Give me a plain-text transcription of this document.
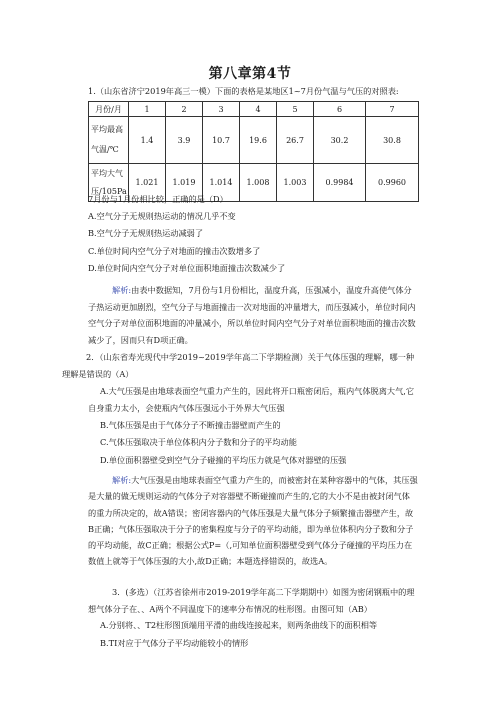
第八章第4节

1.（山东省济宁2019年高三一模）下面的表格是某地区1~7月份气温与气压的对照表:

月份/月	1	2	3	4	5	6	7

平均最高
气温/℃	1.4	3.9	10.7	19.6	26.7	30.2	30.8

平均大气
压/105Pa	1.021	1.019	1.014	1.008	1.003	0.9984	0.9960

7月份与1月份相比较，正确的是（D）

A.空气分子无规则热运动的情况几乎不变

B.空气分子无规则热运动减弱了

C.单位时间内空气分子对地面的撞击次数增多了

D.单位时间内空气分子对单位面积地面撞击次数减少了

解析:由表中数据知，7月份与1月份相比，温度升高，压强减小，温度升高使气体分子热运动更加剧烈，空气分子与地面撞击一次对地面的冲量增大，而压强减小，单位时间内空气分子对单位面积地面的冲量减小，所以单位时间内空气分子对单位面积地面的撞击次数减少了，因而只有D项正确。

2．（山东省寿光现代中学2019~2019学年高二下学期检测）关于气体压强的理解，哪一种理解是错误的（A）

A.大气压强是由地球表面空气重力产生的，因此将开口瓶密闭后，瓶内气体脱离大气,它自身重力太小，会使瓶内气体压强远小于外界大气压强

B.气体压强是由于气体分子不断撞击器壁而产生的

C.气体压强取决于单位体积内分子数和分子的平均动能

D.单位面积器壁受到空气分子碰撞的平均压力就是气体对器壁的压强

解析:大气压强是由地球表面空气重力产生的，而被密封在某种容器中的气体，其压强是大量的做无规则运动的气体分子对容器壁不断碰撞而产生的,它的大小不是由被封闭气体的重力所决定的，故A错误；密闭容器内的气体压强是大量气体分子频繁撞击器壁产生，故B正确；气体压强取决于分子的密集程度与分子的平均动能，即为单位体积内分子数和分子的平均动能，故C正确；根据公式P=（,可知单位面积器壁受到气体分子碰撞的平均压力在数值上就等于气体压强的大小,故D正确；本题选择错误的，故选A。

3．(多选）（江苏省徐州市2019-2019学年高二下学期期中）如图为密闭钢瓶中的理想气体分子在、、A两个不同温度下的速率分布情况的柱形图。由图可知（AB）

A.分别将、、T2柱形图顶端用平滑的曲线连接起来，则两条曲线下的面积相等

B.TI对应于气体分子平均动能较小的情形
